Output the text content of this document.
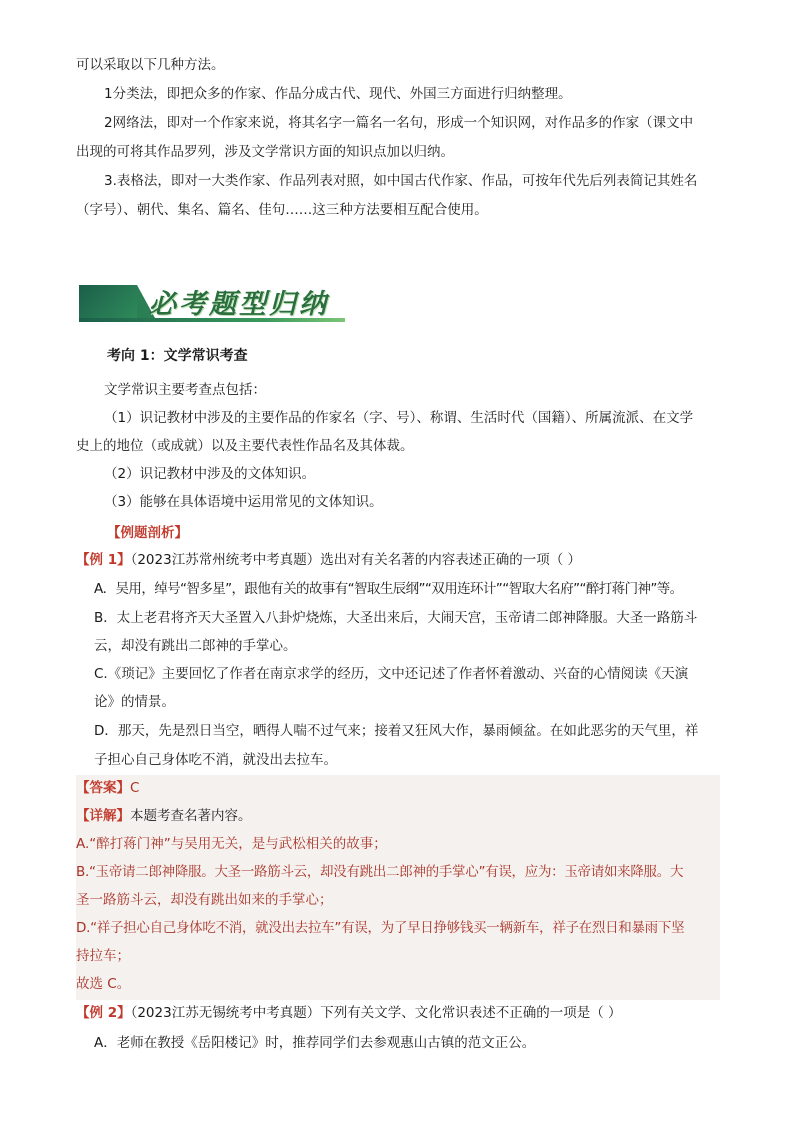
可以采取以下几种方法。
1分类法，即把众多的作家、作品分成古代、现代、外国三方面进行归纳整理。
2网络法，即对一个作家来说，将其名字一篇名一名句，形成一个知识网，对作品多的作家（课文中
出现的可将其作品罗列，涉及文学常识方面的知识点加以归纳。
3.表格法，即对一大类作家、作品列表对照，如中国古代作家、作品，可按年代先后列表简记其姓名
（字号）、朝代、集名、篇名、佳句……这三种方法要相互配合使用。
必考题型归纳
考向 1：文学常识考查
文学常识主要考查点包括：
（1）识记教材中涉及的主要作品的作家名（字、号）、称谓、生活时代（国籍）、所属流派、在文学
史上的地位（或成就）以及主要代表性作品名及其体裁。
（2）识记教材中涉及的文体知识。
（3）能够在具体语境中运用常见的文体知识。
【例题剖析】
【例 1】（2023江苏常州统考中考真题）选出对有关名著的内容表述正确的一项（ ）
A．吴用，绰号“智多星”，跟他有关的故事有“智取生辰纲”“双用连环计”“智取大名府”“醉打蒋门神”等。
B．太上老君将齐天大圣置入八卦炉烧炼，大圣出来后，大闹天宫，玉帝请二郎神降服。大圣一路筋斗
云，却没有跳出二郎神的手掌心。
C.《琐记》主要回忆了作者在南京求学的经历，文中还记述了作者怀着激动、兴奋的心情阅读《天演
论》的情景。
D．那天，先是烈日当空，晒得人喘不过气来；接着又狂风大作，暴雨倾盆。在如此恶劣的天气里，祥
子担心自己身体吃不消，就没出去拉车。
【答案】C
【详解】本题考查名著内容。
A.“醉打蒋门神”与吴用无关，是与武松相关的故事；
B.“玉帝请二郎神降服。大圣一路筋斗云，却没有跳出二郎神的手掌心”有误，应为：玉帝请如来降服。大
圣一路筋斗云，却没有跳出如来的手掌心；
D.“祥子担心自己身体吃不消，就没出去拉车”有误，为了早日挣够钱买一辆新车，祥子在烈日和暴雨下坚
持拉车；
故选 C。
【例 2】（2023江苏无锡统考中考真题）下列有关文学、文化常识表述不正确的一项是（ ）
A．老师在教授《岳阳楼记》时，推荐同学们去参观惠山古镇的范文正公。
